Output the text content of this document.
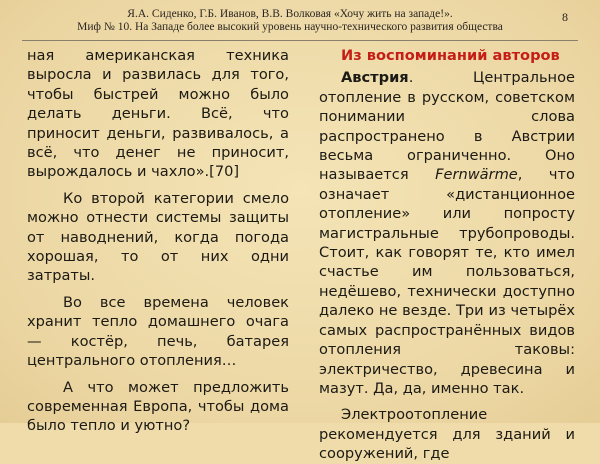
Я.А. Сиденко, Г.Б. Иванов, В.В. Волковая «Хочу жить на западе!».
Миф № 10. На Западе более высокий уровень научно-технического развития общества
8

ная американская техника выросла и развилась для того, чтобы быстрей можно было делать деньги. Всё, что приносит деньги, развивалось, а всё, что денег не приносит, вырождалось и чахло».[70]

Ко второй категории смело можно отнести системы защиты от наводнений, когда погода хорошая, то от них одни затраты.

Во все времена человек хранит тепло домашнего очага — костёр, печь, батарея центрального отопления…

А что может предложить современная Европа, чтобы дома было тепло и уютно?

Из воспоминаний авторов

Австрия. Центральное отопление в русском, советском понимании слова распространено в Австрии весьма ограниченно. Оно называется Fernwärme, что означает «дистанционное отопление» или попросту магистральные трубопроводы. Стоит, как говорят те, кто имел счастье им пользоваться, недёшево, технически доступно далеко не везде. Три из четырёх самых распространённых видов отопления таковы: электричество, древесина и мазут. Да, да, именно так.

Электроотопление рекомендуется для зданий и сооружений, где
